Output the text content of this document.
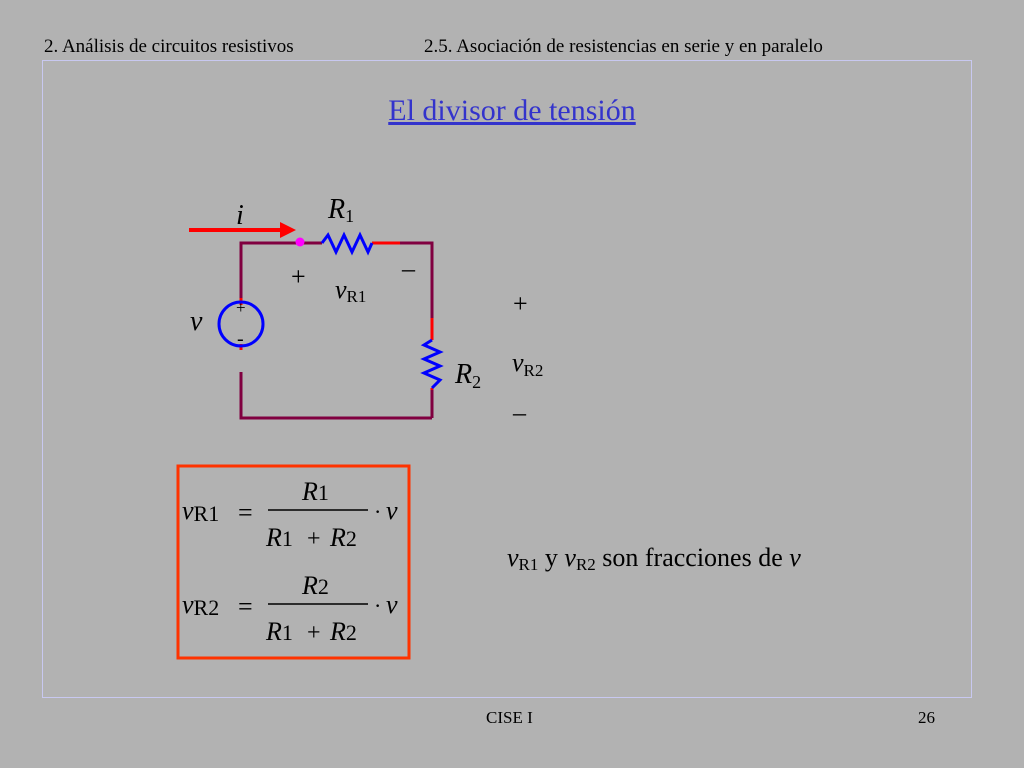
2. Análisis de circuitos resistivos	2.5. Asociación de resistencias en serie y en paralelo
El divisor de tensión
+
-
i	R1
R2
v
+	–
vR1	+
vR2
–
vR1 =
R1
R1 + R2
· v
vR2 =
R2
R1 + R2
· v
$v_{R1}$ y $v_{R2}$ son fracciones de v
CISE I	26
